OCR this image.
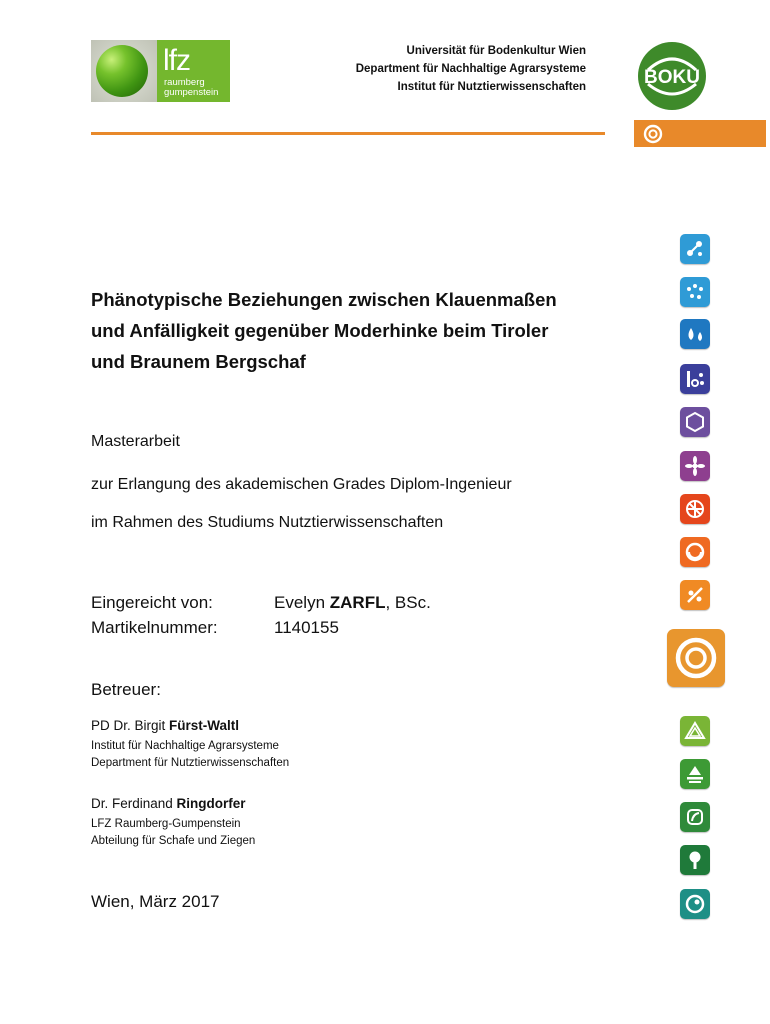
lfz
raumberg
gumpenstein
Universität für Bodenkultur Wien
Department für Nachhaltige Agrarsysteme
Institut für Nutztierwissenschaften	BOKU
Phänotypische Beziehungen zwischen Klauenmaßen
und Anfälligkeit gegenüber Moderhinke beim Tiroler
und Braunem Bergschaf
Masterarbeit
zur Erlangung des akademischen Grades Diplom-Ingenieur
im Rahmen des Studiums Nutztierwissenschaften
Eingereicht von:	Evelyn ZARFL, BSc.
Martikelnummer:	1140155
Betreuer:
PD Dr. Birgit Fürst-Waltl
Institut für Nachhaltige Agrarsysteme
Department für Nutztierwissenschaften
Dr. Ferdinand Ringdorfer
LFZ Raumberg-Gumpenstein
Abteilung für Schafe und Ziegen
Wien, März 2017
